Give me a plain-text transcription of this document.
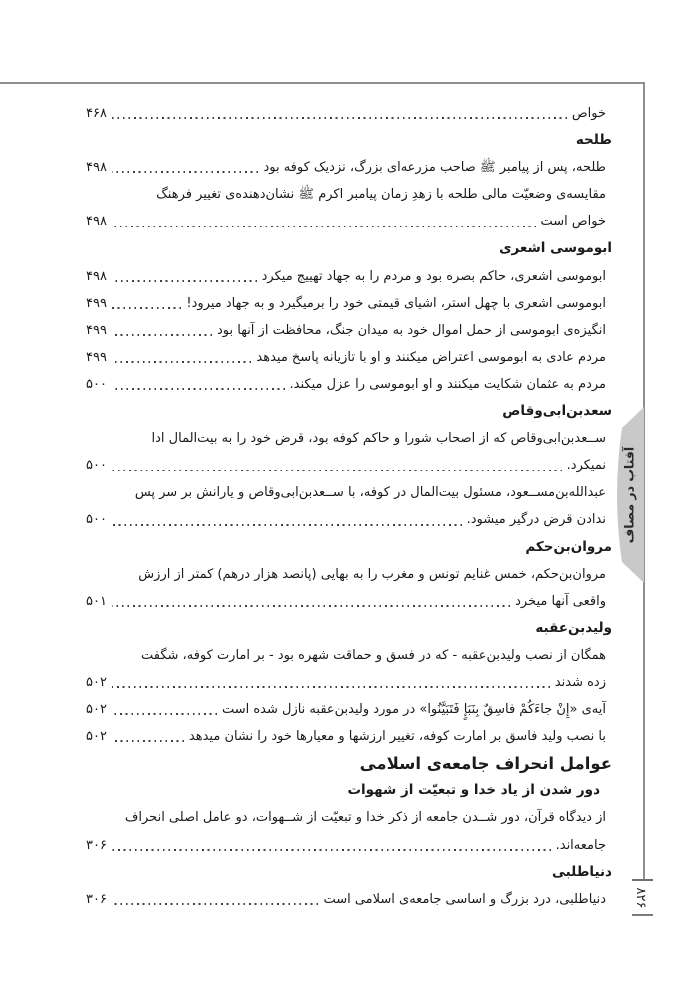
۸۲۶
آفتاب در مصاف
خواص
۴۶۸
طلحه
طلحه، پس از پیامبر ﷺ صاحب مزرعه‌ای بزرگ، نزدیک کوفه بود
۴۹۸
مقایسه‌ی وضعیّت مالی طلحه با زهدِ زمان پیامبر اکرم ﷺ نشان‌دهنده‌ی تغییر فرهنگ
خواص است
۴۹۸
ابوموسی اشعری
ابوموسی اشعری، حاکم بصره بود و مردم را به جهاد تهییج میکرد
۴۹۸
ابوموسی اشعری با چهل استر، اشیای قیمتی خود را برمیگیرد و به جهاد میرود!
۴۹۹
انگیزه‌ی ابوموسی از حمل اموال خود به میدان جنگ، محافظت از آنها بود
۴۹۹
مردم عادی به ابوموسی اعتراض میکنند و او با تازیانه پاسخ میدهد
۴۹۹
مردم به عثمان شکایت میکنند و او ابوموسی را عزل میکند.
۵۰۰
سعدبن‌ابی‌وقاص
ســعدبن‌ابی‌وقاص که از اصحاب شورا و حاکم کوفه بود، قرض خود را به بیت‌المال ادا
نمیکرد.
۵۰۰
عبدالله‌بن‌مســعود، مسئول بیت‌المال در کوفه، با ســعدبن‌ابی‌وقاص و یارانش بر سر پس
ندادن قرض درگیر میشود.
۵۰۰
مروان‌بن‌حکم
مروان‌بن‌حکم، خمس غنایم تونس و مغرب را به بهایی (پانصد هزار درهم) کمتر از ارزش
واقعی آنها میخرد
۵۰۱
ولیدبن‌عقبه
همگان از نصب ولیدبن‌عقبه - که در فسق و حماقت شهره بود - بر امارت کوفه، شگفت
زده شدند
۵۰۲
آیه‌ی «إِنْ جاءَکُمْ فاسِقٌ بِنَبَإٍ فَتَبَیَّنُوا» در مورد ولیدبن‌عقبه نازل شده است
۵۰۲
با نصب ولید فاسق بر امارت کوفه، تغییر ارزشها و معیارها خود را نشان میدهد
۵۰۲
عوامل انحراف جامعه‌ی اسلامی
دور شدن از یاد خدا و تبعیّت از شهوات
از دیدگاه قرآن، دور شــدن جامعه از ذکر خدا و تبعیّت از شــهوات، دو عامل اصلی انحراف
جامعه‌اند.
۳۰۶
دنیاطلبی
دنیاطلبی، درد بزرگ و اساسی جامعه‌ی اسلامی است
۳۰۶
